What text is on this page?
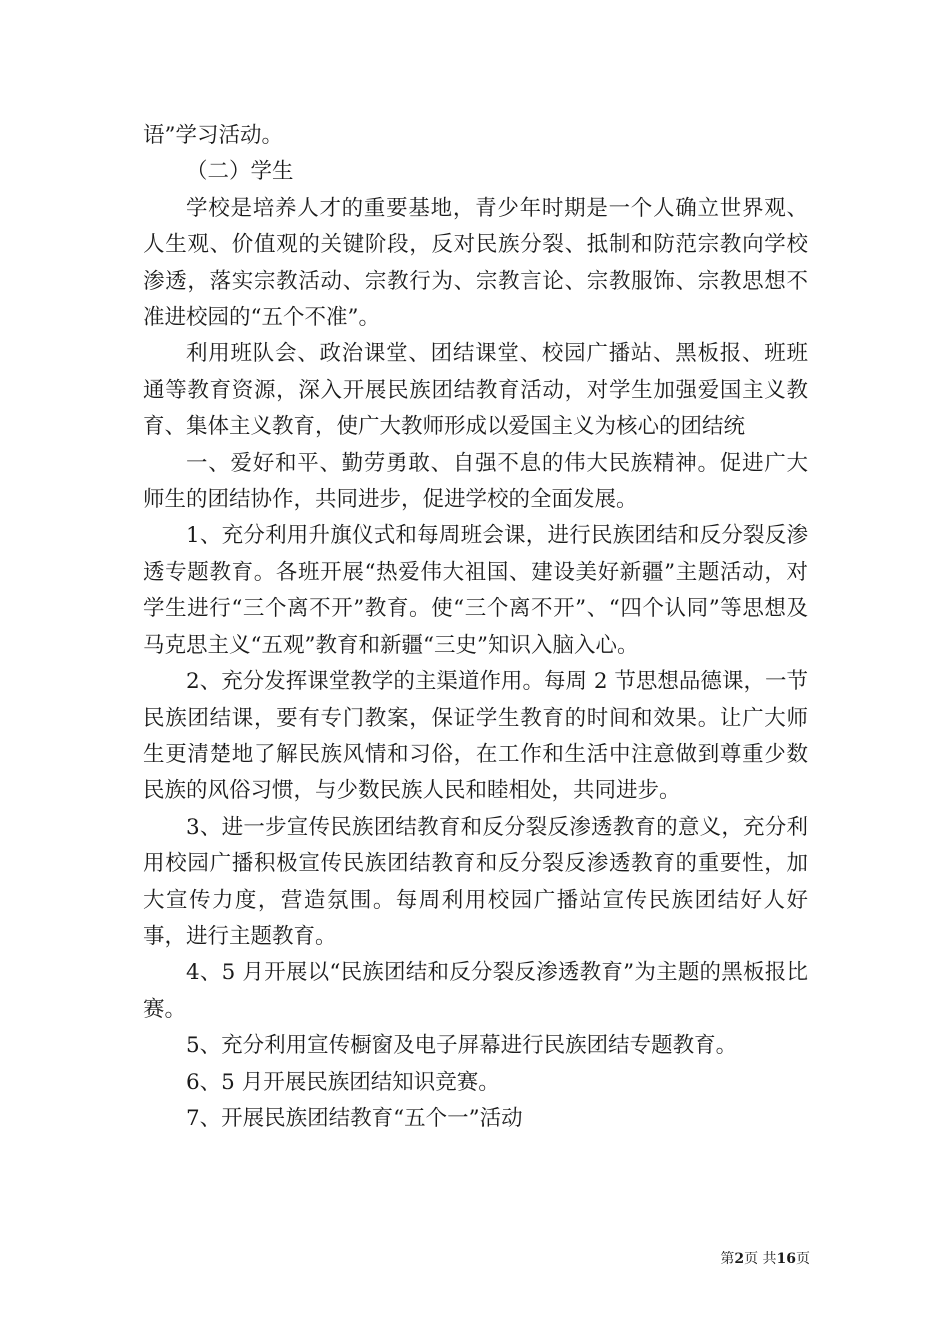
语”学习活动。

（二）学生

学校是培养人才的重要基地，青少年时期是一个人确立世界观、人生观、价值观的关键阶段，反对民族分裂、抵制和防范宗教向学校渗透，落实宗教活动、宗教行为、宗教言论、宗教服饰、宗教思想不准进校园的“五个不准”。

利用班队会、政治课堂、团结课堂、校园广播站、黑板报、班班通等教育资源，深入开展民族团结教育活动，对学生加强爱国主义教育、集体主义教育，使广大教师形成以爱国主义为核心的团结统

一、爱好和平、勤劳勇敢、自强不息的伟大民族精神。促进广大师生的团结协作，共同进步，促进学校的全面发展。

1、充分利用升旗仪式和每周班会课，进行民族团结和反分裂反渗透专题教育。各班开展“热爱伟大祖国、建设美好新疆”主题活动，对学生进行“三个离不开”教育。使“三个离不开”、“四个认同”等思想及马克思主义“五观”教育和新疆“三史”知识入脑入心。

2、充分发挥课堂教学的主渠道作用。每周 2 节思想品德课，一节民族团结课，要有专门教案，保证学生教育的时间和效果。让广大师生更清楚地了解民族风情和习俗，在工作和生活中注意做到尊重少数民族的风俗习惯，与少数民族人民和睦相处，共同进步。

3、进一步宣传民族团结教育和反分裂反渗透教育的意义，充分利用校园广播积极宣传民族团结教育和反分裂反渗透教育的重要性，加大宣传力度，营造氛围。每周利用校园广播站宣传民族团结好人好事，进行主题教育。

4、5 月开展以“民族团结和反分裂反渗透教育”为主题的黑板报比赛。

5、充分利用宣传橱窗及电子屏幕进行民族团结专题教育。

6、5 月开展民族团结知识竞赛。

7、开展民族团结教育“五个一”活动

第2页 共16页
